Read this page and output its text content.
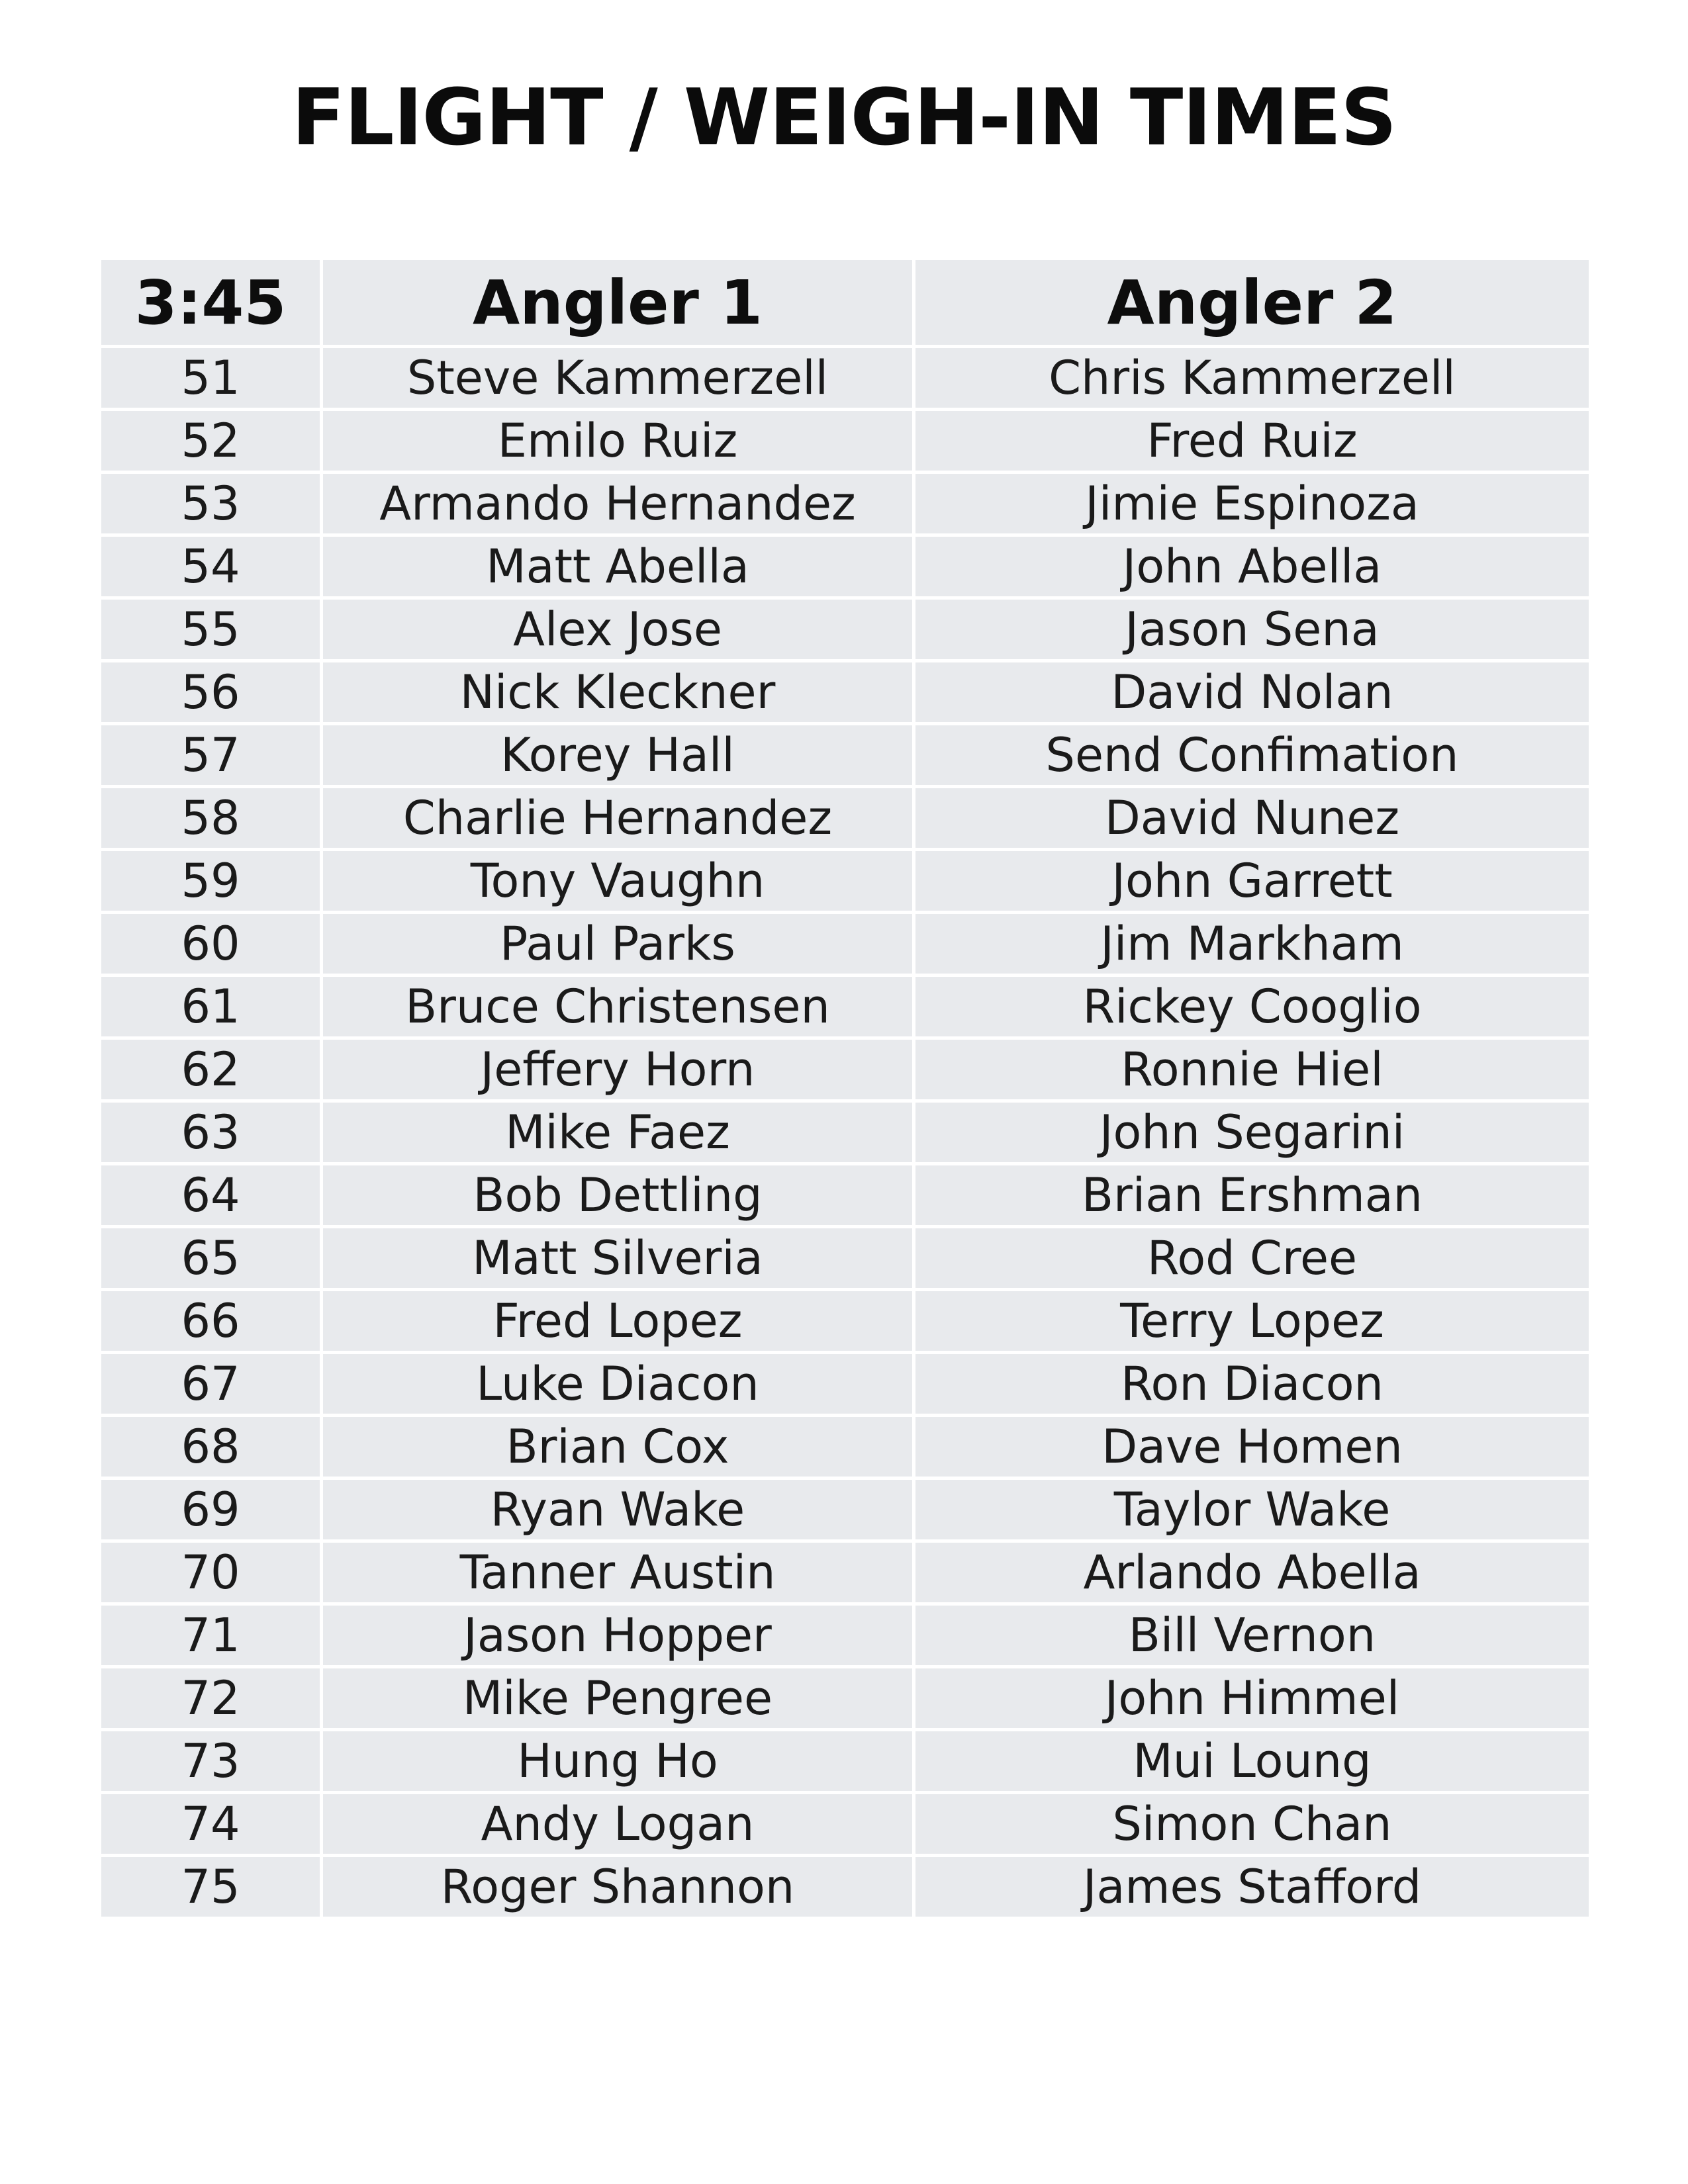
FLIGHT / WEIGH-IN TIMES
3:45	Angler 1	Angler 2
51	Steve Kammerzell	Chris Kammerzell
52	Emilo Ruiz	Fred Ruiz
53	Armando Hernandez	Jimie Espinoza
54	Matt Abella	John Abella
55	Alex Jose	Jason Sena
56	Nick Kleckner	David Nolan
57	Korey Hall	Send Confimation
58	Charlie Hernandez	David Nunez
59	Tony Vaughn	John Garrett
60	Paul Parks	Jim Markham
61	Bruce Christensen	Rickey Cooglio
62	Jeffery Horn	Ronnie Hiel
63	Mike Faez	John Segarini
64	Bob Dettling	Brian Ershman
65	Matt Silveria	Rod Cree
66	Fred Lopez	Terry Lopez
67	Luke Diacon	Ron Diacon
68	Brian Cox	Dave Homen
69	Ryan Wake	Taylor Wake
70	Tanner Austin	Arlando Abella
71	Jason Hopper	Bill Vernon
72	Mike Pengree	John Himmel
73	Hung Ho	Mui Loung
74	Andy Logan	Simon Chan
75	Roger Shannon	James Stafford
